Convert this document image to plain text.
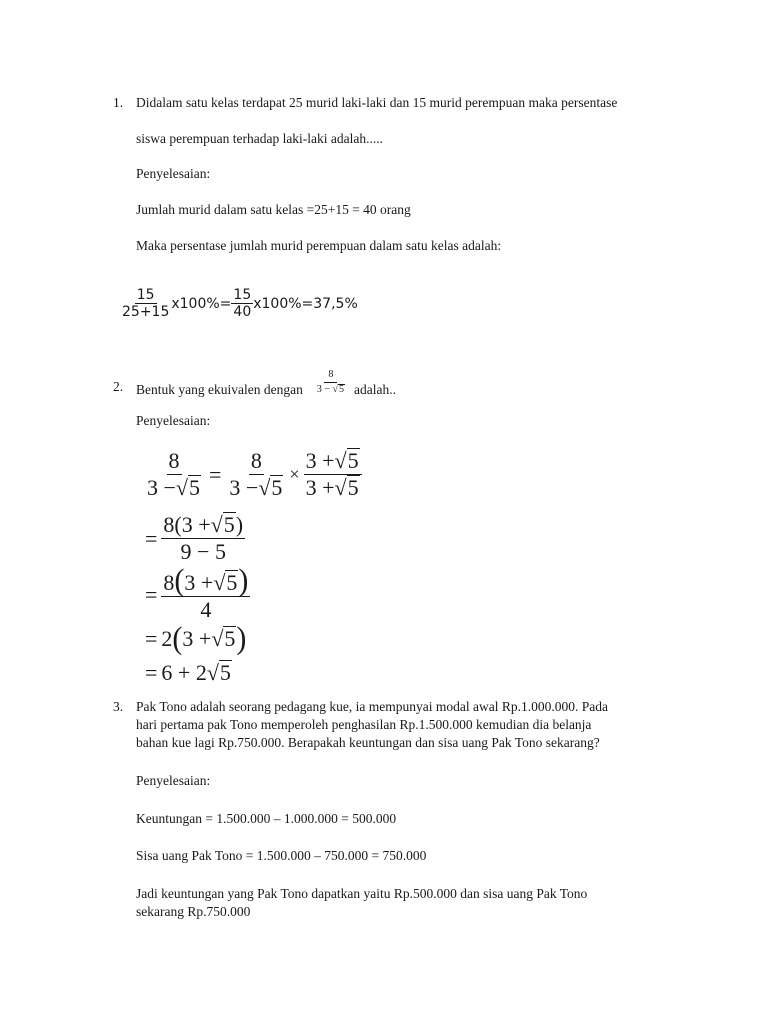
1. Didalam satu kelas terdapat 25 murid laki-laki dan 15 murid perempuan maka persentase
siswa perempuan terhadap laki-laki adalah.....
Penyelesaian:
Jumlah murid dalam satu kelas =25+15 = 40 orang
Maka persentase jumlah murid perempuan dalam satu kelas adalah:
$\frac{15}{25+15} x100\% = \frac{15}{40} x100\% =37,5\%$
2. Bentuk yang ekuivalen dengan $\frac{8}{3 - √ 5}$ adalah..
Penyelesaian:
$\frac{8}{3 - √ 5} = \frac{8}{3 - √ 5} \times \frac{3 + √ 5}{3 + √ 5}$
= $\frac{8(3 + √ 5 )}{9 - 5}$
= $\frac{8(3 + √ 5 )}{4}$
= 2 ( 3 + √ 5 )
= 6 + 2 √ 5
3. Pak Tono adalah seorang pedagang kue, ia mempunyai modal awal Rp.1.000.000. Pada
hari pertama pak Tono memperoleh penghasilan Rp.1.500.000 kemudian dia belanja
bahan kue lagi Rp.750.000. Berapakah keuntungan dan sisa uang Pak Tono sekarang?
Penyelesaian:
Keuntungan = 1.500.000 – 1.000.000 = 500.000
Sisa uang Pak Tono = 1.500.000 – 750.000 = 750.000
Jadi keuntungan yang Pak Tono dapatkan yaitu Rp.500.000 dan sisa uang Pak Tono
sekarang Rp.750.000
